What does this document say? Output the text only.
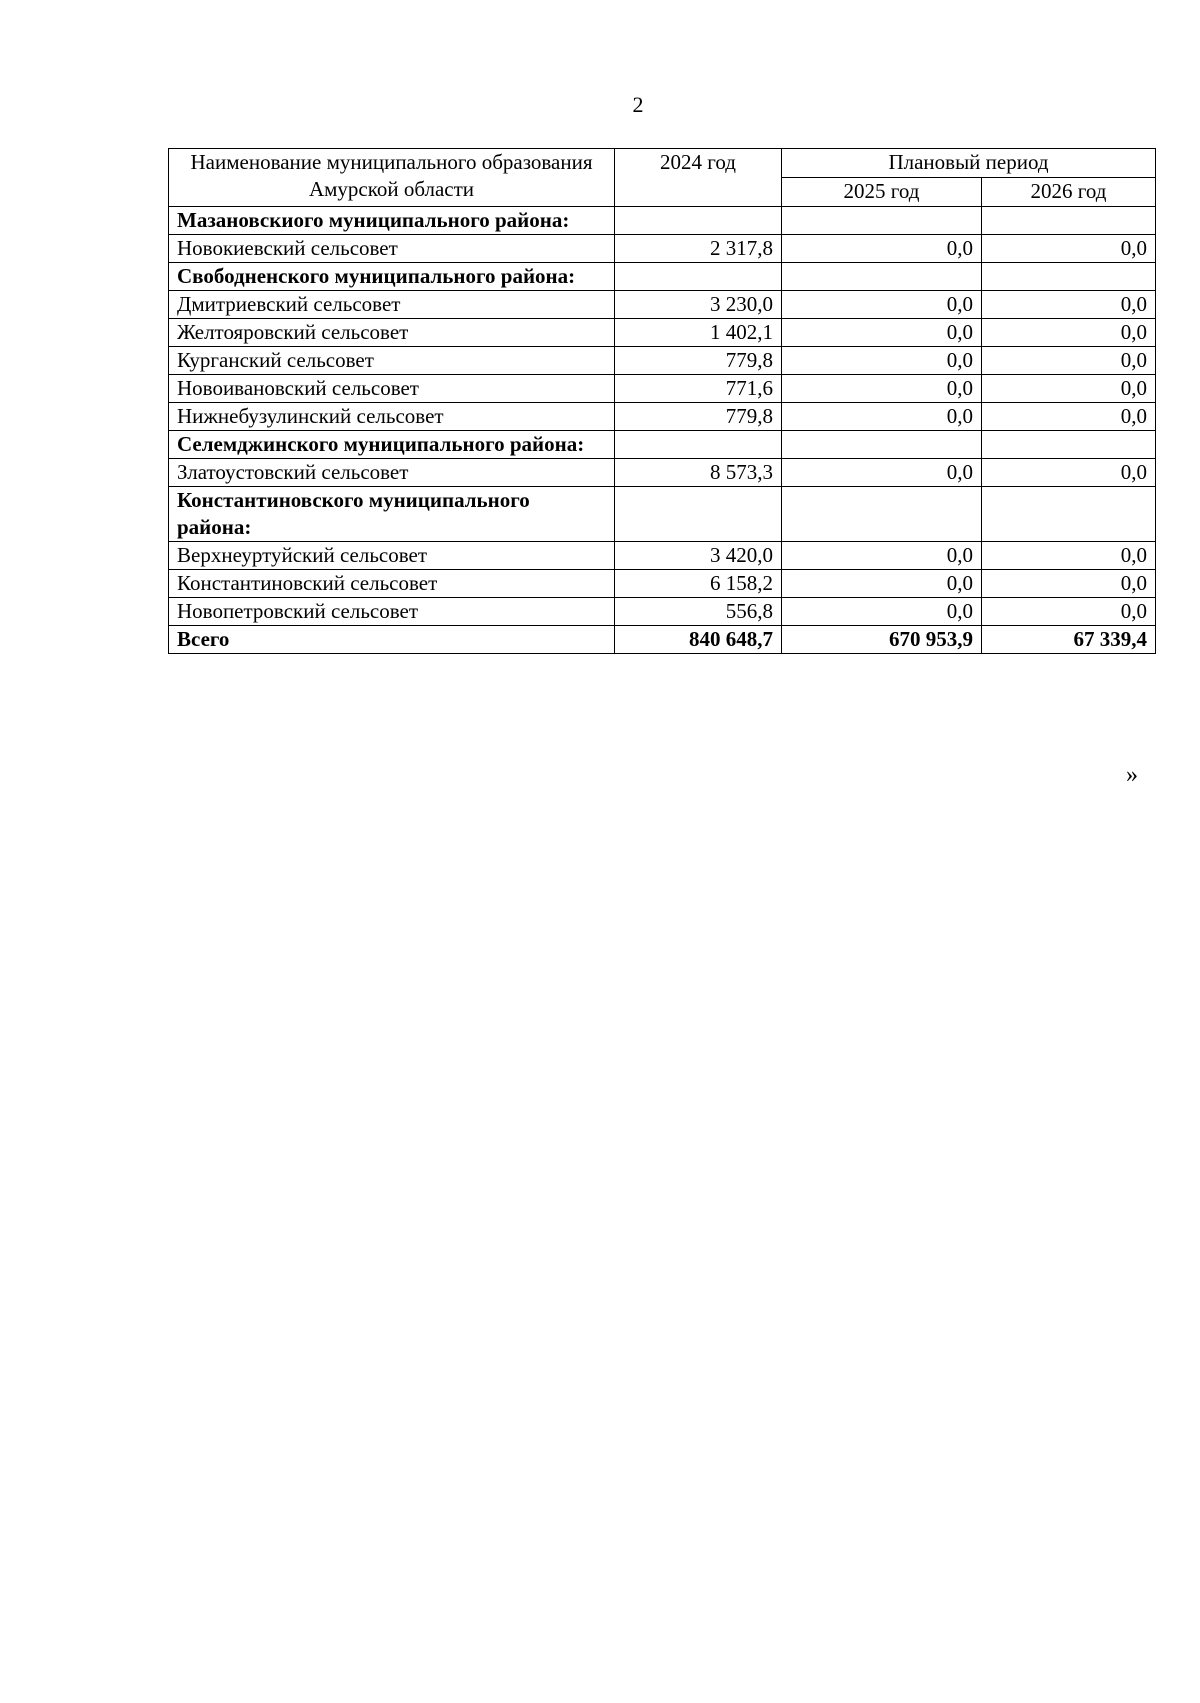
2
Наименование муниципального образования Амурской области	2024 год	Плановый период	
		2025 год	2026 год
Мазановскиого муниципального района:			
Новокиевский сельсовет	2 317,8	0,0	0,0
Свободненского муниципального района:			
Дмитриевский сельсовет	3 230,0	0,0	0,0
Желтояровский сельсовет	1 402,1	0,0	0,0
Курганский сельсовет	779,8	0,0	0,0
Новоивановский сельсовет	771,6	0,0	0,0
Нижнебузулинский сельсовет	779,8	0,0	0,0
Селемджинского муниципального района:			
Златоустовский сельсовет	8 573,3	0,0	0,0
Константиновского муниципального района:			
Верхнеуртуйский сельсовет	3 420,0	0,0	0,0
Константиновский сельсовет	6 158,2	0,0	0,0
Новопетровский сельсовет	556,8	0,0	0,0
Всего	840 648,7	670 953,9	67 339,4
»
